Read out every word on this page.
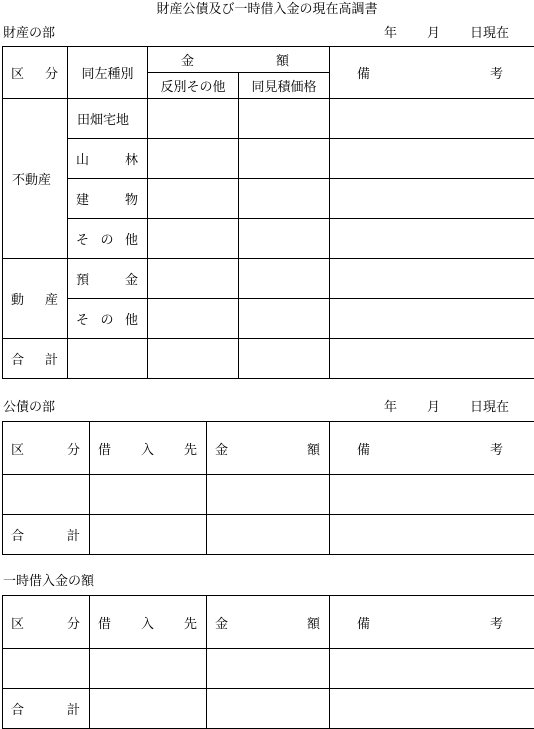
財産公債及び一時借入金の現在高調書
財産の部	年 月 日現在
区 分	同左種別	金 額		備 考

		反別その他	同見積価格	
不動産	田畑宅地			

	山 林			

	建 物			

	そ の 他			

動 産	預 金			

	そ の 他			

合 計				

公債の部	年 月 日現在
区 分	借 入 先	金 額	備 考

合 計			

一時借入金の額
区 分	借 入 先	金 額	備 考

合 計			
